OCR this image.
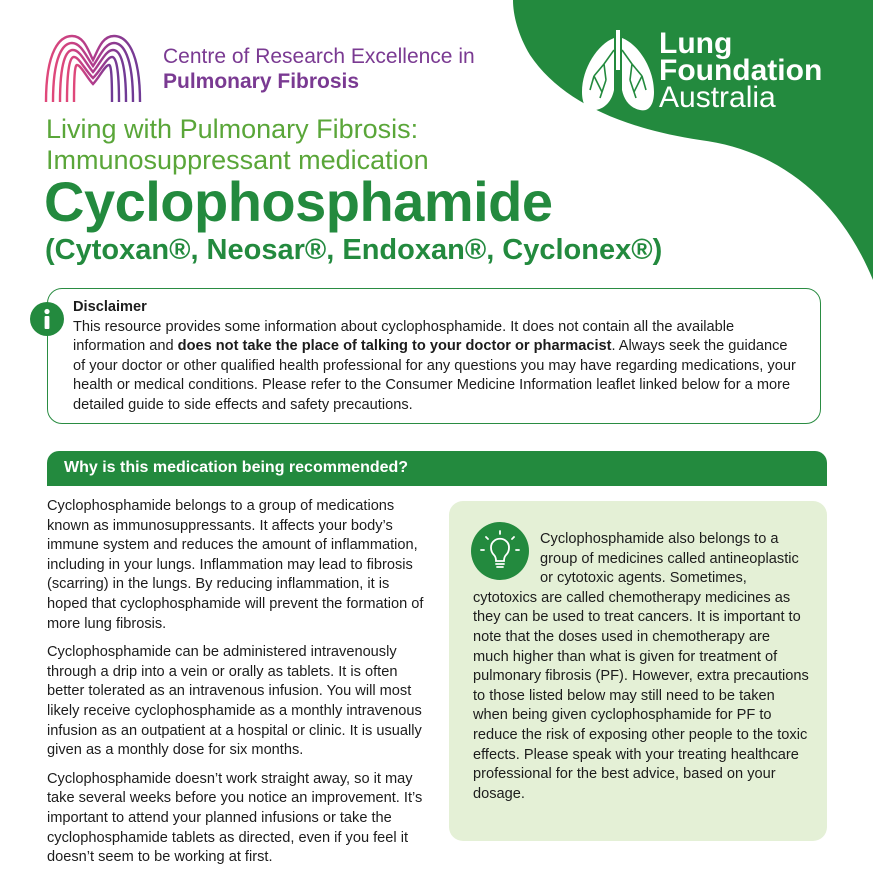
Centre of Research Excellence in
Pulmonary Fibrosis
Lung
Foundation
Australia
Living with Pulmonary Fibrosis:
Immunosuppressant medication
Cyclophosphamide
(Cytoxan®, Neosar®, Endoxan®, Cyclonex®)
Disclaimer
This resource provides some information about cyclophosphamide. It does not contain all the available information and does not take the place of talking to your doctor or pharmacist. Always seek the guidance of your doctor or other qualified health professional for any questions you may have regarding medications, your health or medical conditions. Please refer to the Consumer Medicine Information leaflet linked below for a more detailed guide to side effects and safety precautions.
Why is this medication being recommended?

Cyclophosphamide belongs to a group of medications known as immunosuppressants. It affects your body’s immune system and reduces the amount of inflammation, including in your lungs. Inflammation may lead to fibrosis (scarring) in the lungs. By reducing inflammation, it is hoped that cyclophosphamide will prevent the formation of more lung fibrosis.

Cyclophosphamide can be administered intravenously through a drip into a vein or orally as tablets. It is often better tolerated as an intravenous infusion. You will most likely receive cyclophosphamide as a monthly intravenous infusion as an outpatient at a hospital or clinic. It is usually given as a monthly dose for six months.

Cyclophosphamide doesn’t work straight away, so it may take several weeks before you notice an improvement. It’s important to attend your planned infusions or take the cyclophosphamide tablets as directed, even if you feel it doesn’t seem to be working at first.

Cyclophosphamide also belongs to a group of medicines called antineoplastic or cytotoxic agents. Sometimes, cytotoxics are called chemotherapy medicines as they can be used to treat cancers. It is important to note that the doses used in chemotherapy are much higher than what is given for treatment of pulmonary fibrosis (PF). However, extra precautions to those listed below may still need to be taken when being given cyclophosphamide for PF to reduce the risk of exposing other people to the toxic effects. Please speak with your treating healthcare professional for the best advice, based on your dosage.
